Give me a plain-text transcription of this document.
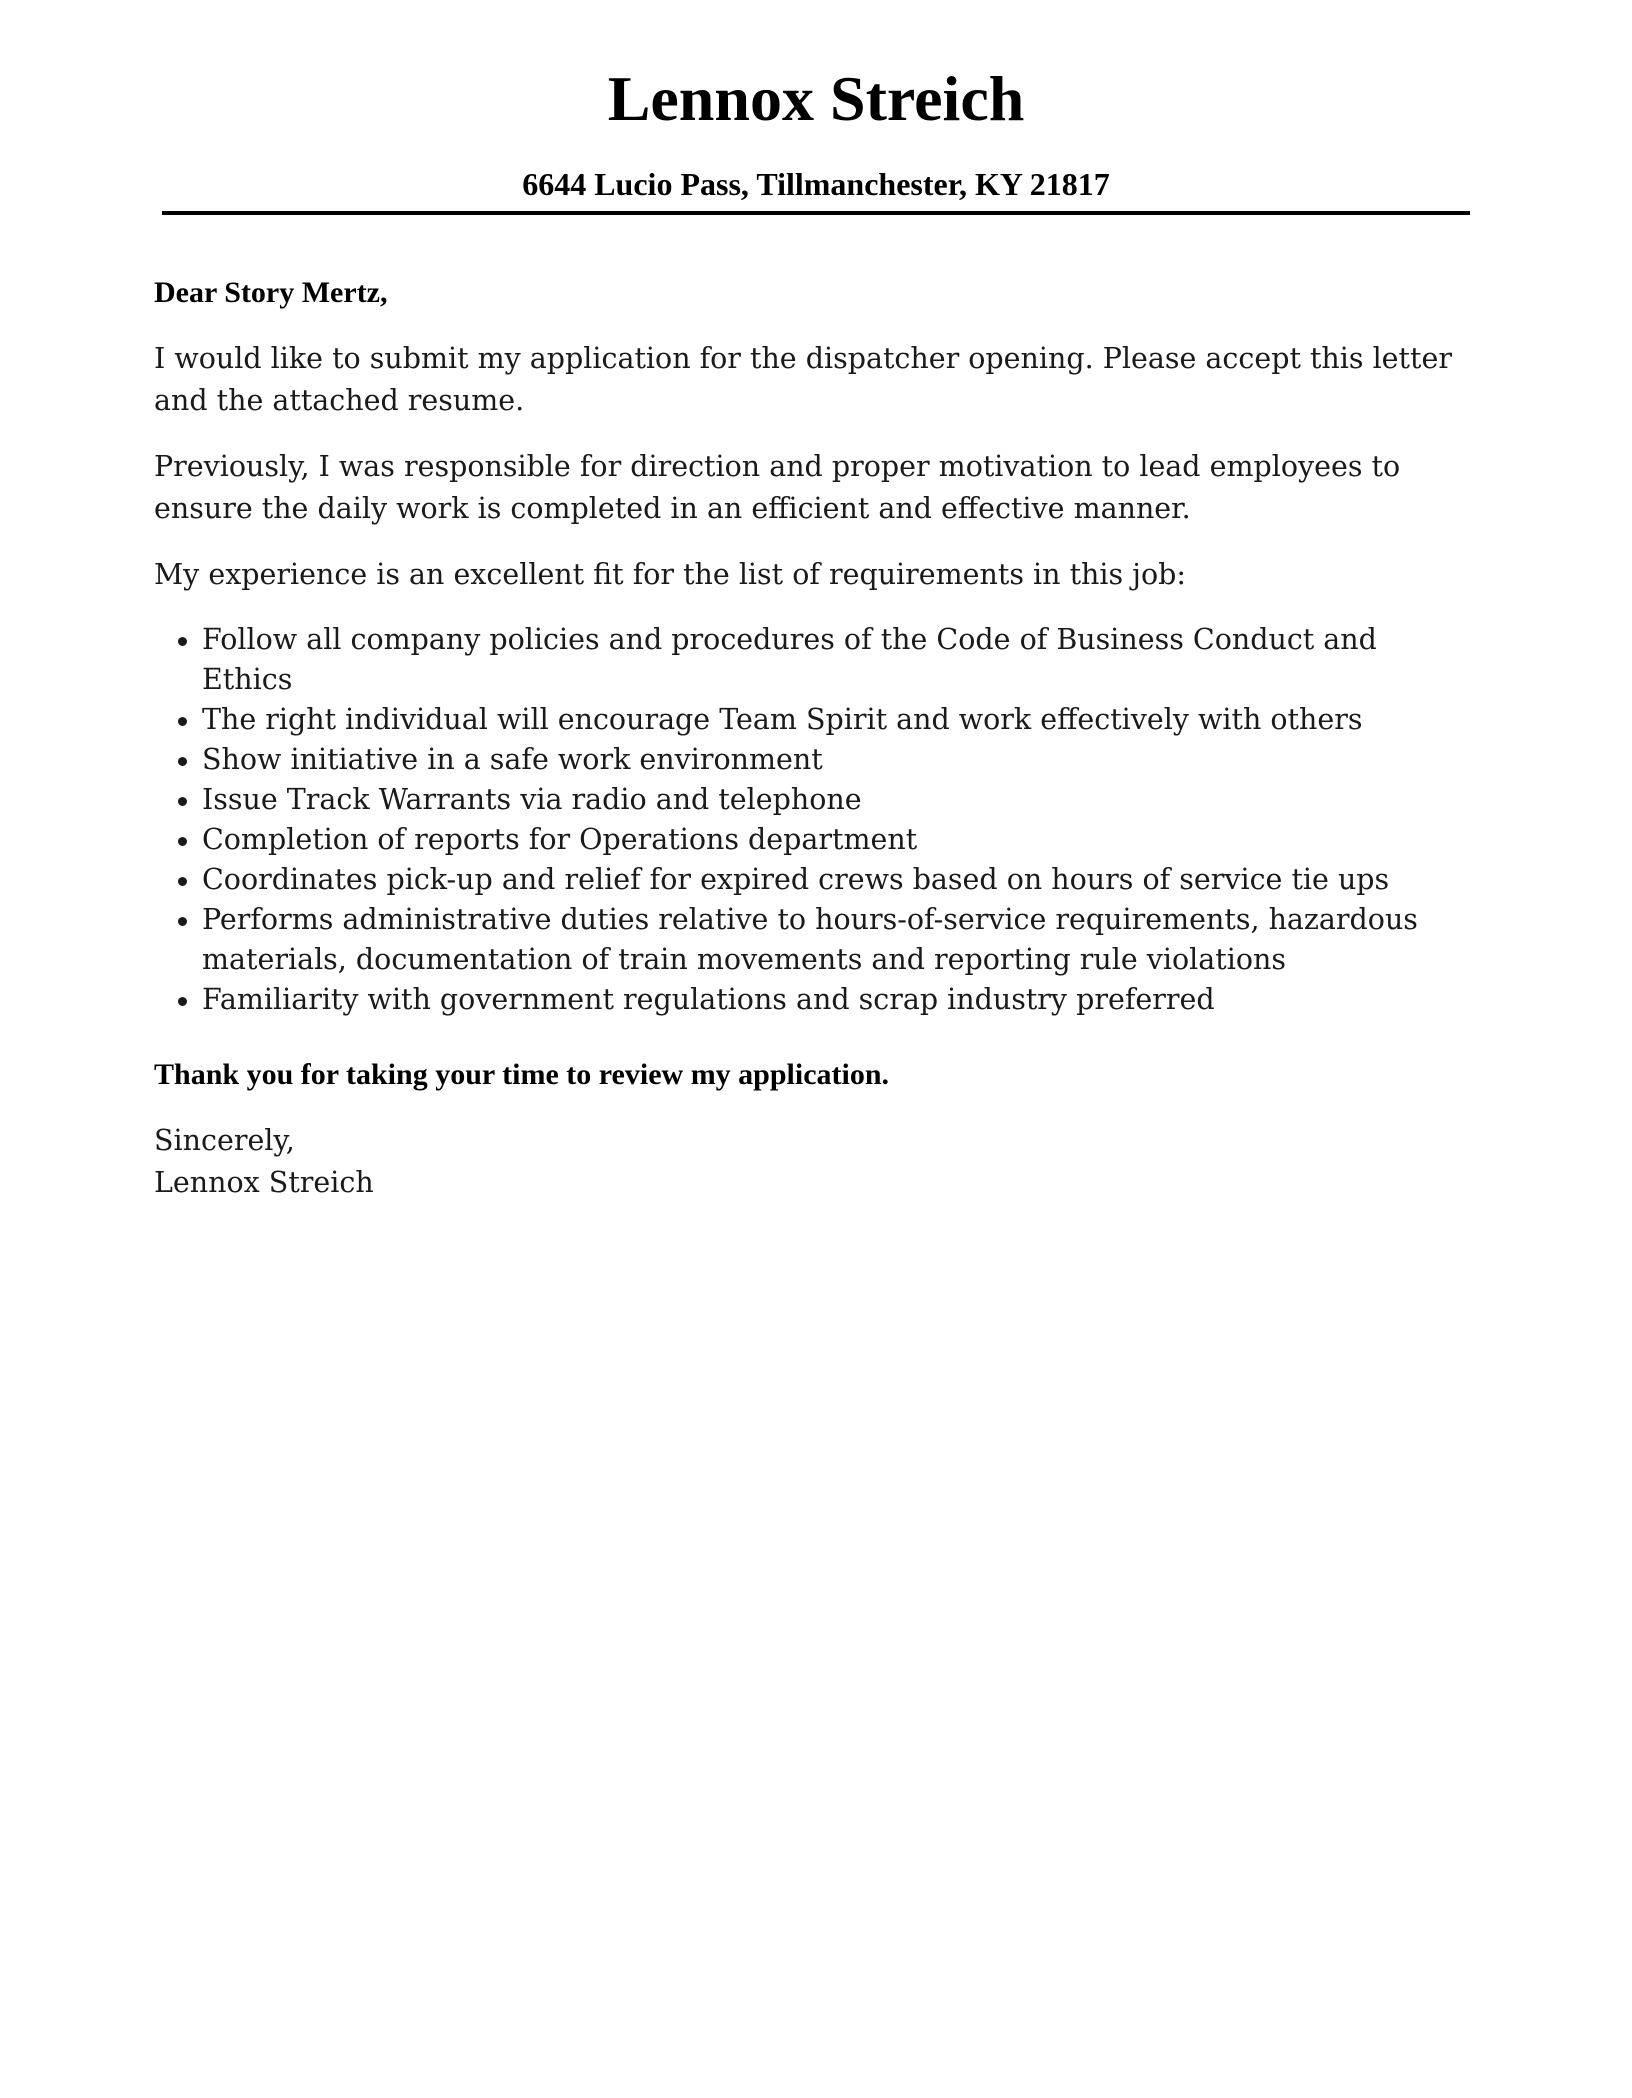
Lennox Streich
6644 Lucio Pass, Tillmanchester, KY 21817

Dear Story Mertz,

I would like to submit my application for the dispatcher opening. Please accept this letter and the attached resume.

Previously, I was responsible for direction and proper motivation to lead employees to ensure the daily work is completed in an efficient and effective manner.

My experience is an excellent fit for the list of requirements in this job:

Follow all company policies and procedures of the Code of Business Conduct and Ethics
The right individual will encourage Team Spirit and work effectively with others
Show initiative in a safe work environment
Issue Track Warrants via radio and telephone
Completion of reports for Operations department
Coordinates pick-up and relief for expired crews based on hours of service tie ups
Performs administrative duties relative to hours-of-service requirements, hazardous materials, documentation of train movements and reporting rule violations
Familiarity with government regulations and scrap industry preferred

Thank you for taking your time to review my application.

Sincerely,

Lennox Streich
